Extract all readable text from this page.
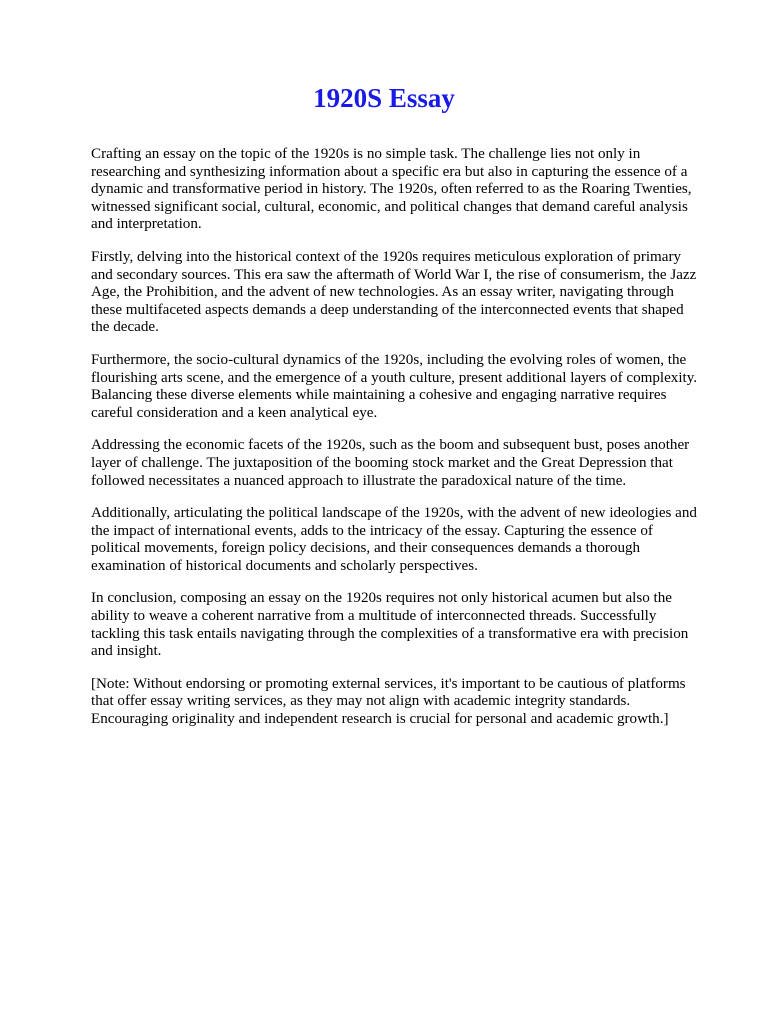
1920S Essay

Crafting an essay on the topic of the 1920s is no simple task. The challenge lies not only in researching and synthesizing information about a specific era but also in capturing the essence of a dynamic and transformative period in history. The 1920s, often referred to as the Roaring Twenties, witnessed significant social, cultural, economic, and political changes that demand careful analysis and interpretation.

Firstly, delving into the historical context of the 1920s requires meticulous exploration of primary and secondary sources. This era saw the aftermath of World War I, the rise of consumerism, the Jazz Age, the Prohibition, and the advent of new technologies. As an essay writer, navigating through these multifaceted aspects demands a deep understanding of the interconnected events that shaped the decade.

Furthermore, the socio-cultural dynamics of the 1920s, including the evolving roles of women, the flourishing arts scene, and the emergence of a youth culture, present additional layers of complexity. Balancing these diverse elements while maintaining a cohesive and engaging narrative requires careful consideration and a keen analytical eye.

Addressing the economic facets of the 1920s, such as the boom and subsequent bust, poses another layer of challenge. The juxtaposition of the booming stock market and the Great Depression that followed necessitates a nuanced approach to illustrate the paradoxical nature of the time.

Additionally, articulating the political landscape of the 1920s, with the advent of new ideologies and the impact of international events, adds to the intricacy of the essay. Capturing the essence of political movements, foreign policy decisions, and their consequences demands a thorough examination of historical documents and scholarly perspectives.

In conclusion, composing an essay on the 1920s requires not only historical acumen but also the ability to weave a coherent narrative from a multitude of interconnected threads. Successfully tackling this task entails navigating through the complexities of a transformative era with precision and insight.

[Note: Without endorsing or promoting external services, it's important to be cautious of platforms that offer essay writing services, as they may not align with academic integrity standards. Encouraging originality and independent research is crucial for personal and academic growth.]
